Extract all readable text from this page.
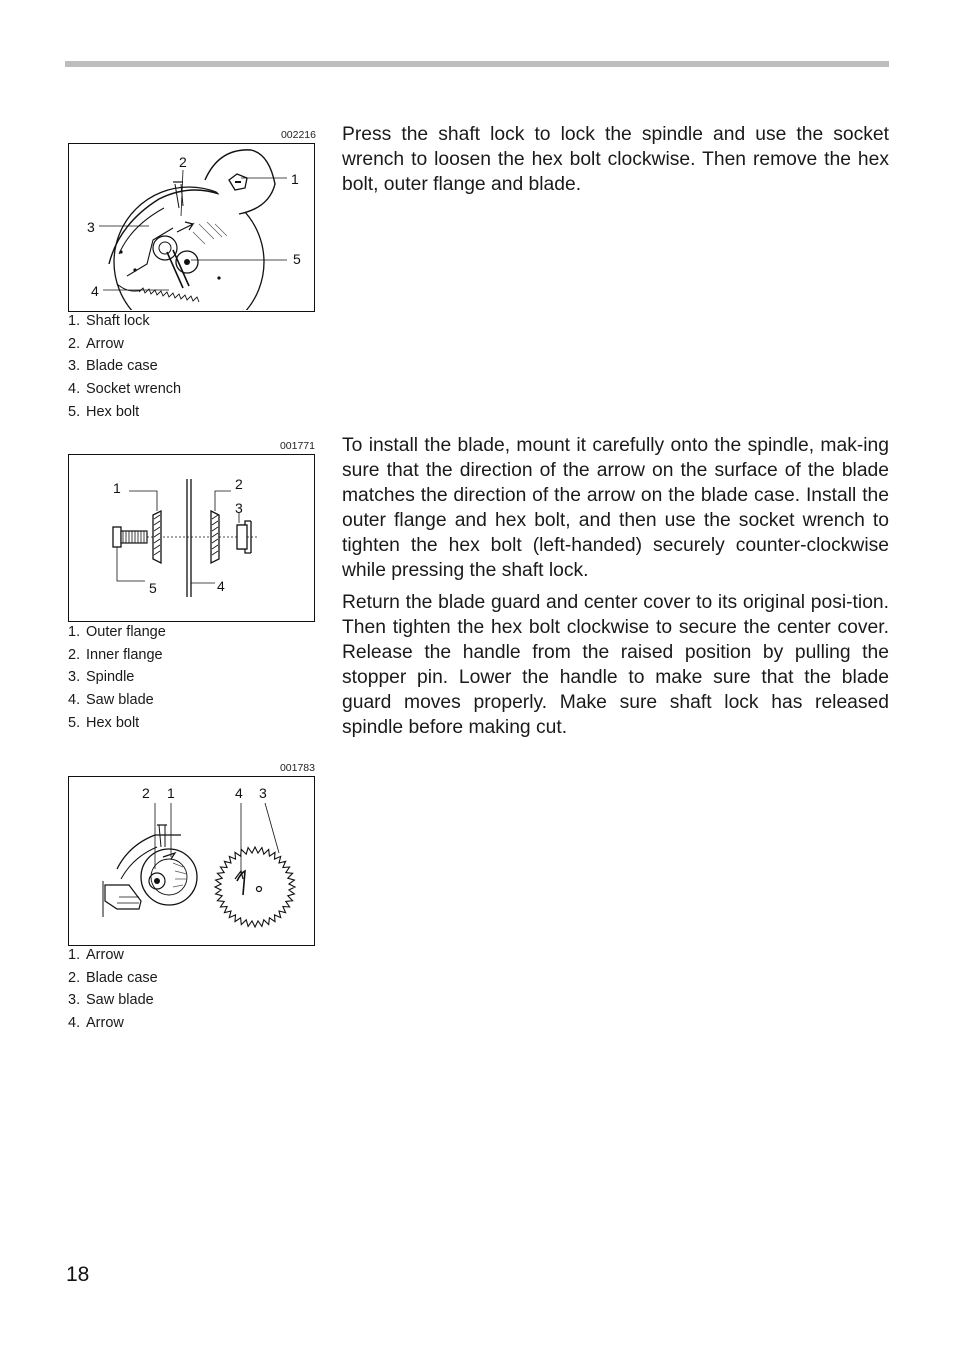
002216
2
1
3
5
4
1. Shaft lock
2. Arrow
3. Blade case
4. Socket wrench
5. Hex bolt
001771
1	2
3
4
5
1. Outer flange
2. Inner flange
3. Spindle
4. Saw blade
5. Hex bolt
001783
2 1	4 3
1. Arrow
2. Blade case
3. Saw blade
4. Arrow

Press the shaft lock to lock the spindle and use the socket wrench to loosen the hex bolt clockwise. Then remove the hex bolt, outer flange and blade.

To install the blade, mount it carefully onto the spindle, mak-ing sure that the direction of the arrow on the surface of the blade matches the direction of the arrow on the blade case. Install the outer flange and hex bolt, and then use the socket wrench to tighten the hex bolt (left-handed) securely counter-clockwise while pressing the shaft lock.

Return the blade guard and center cover to its original posi-tion. Then tighten the hex bolt clockwise to secure the center cover. Release the handle from the raised position by pulling the stopper pin. Lower the handle to make sure that the blade guard moves properly. Make sure shaft lock has released spindle before making cut.

18
